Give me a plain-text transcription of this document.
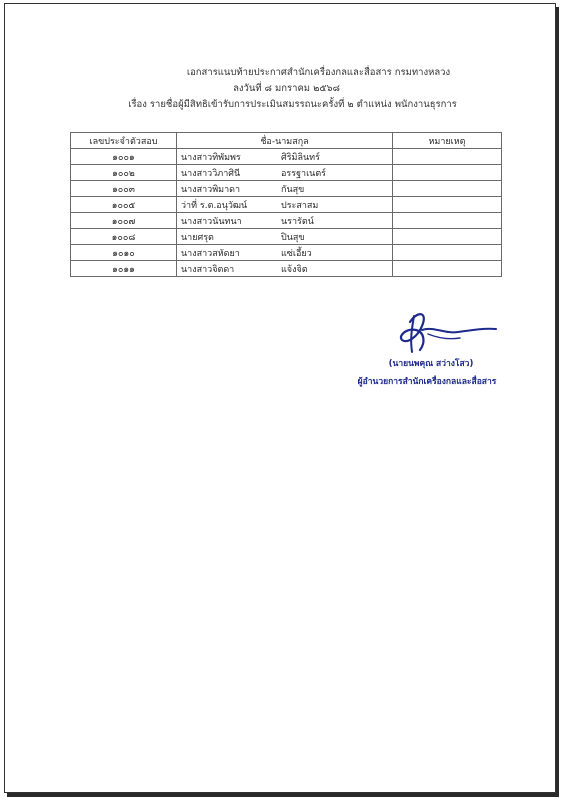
เอกสารแนบท้ายประกาศสำนักเครื่องกลและสื่อสาร กรมทางหลวง
ลงวันที่ ๘ มกราคม ๒๕๖๘
เรื่อง รายชื่อผู้มีสิทธิเข้ารับการประเมินสมรรถนะครั้งที่ ๒ ตำแหน่ง พนักงานธุรการ
เลขประจำตัวสอบ	ชื่อ-นามสกุล	หมายเหตุ
๑๐๐๑	นางสาวทิพัมพร ศิริมิลินทร์	

๑๐๐๒	นางสาววิภาศินี อรรฐาเนตร์	

๑๐๐๓	นางสาวพิมาดา กันสุข	

๑๐๐๕	ว่าที่ ร.ต.อนุวัฒน์ ประสาสม	

๑๐๐๗	นางสาวนันทนา นรารัตน์	

๑๐๐๘	นายศรุต ปินสุข	

๑๐๑๐	นางสาวสหัดยา แซ่เอี้ยว	

๑๐๑๑	นางสาวจิตดา แจ้งจิต	

(นายนพคุณ สว่างโสว)
ผู้อำนวยการสำนักเครื่องกลและสื่อสาร
